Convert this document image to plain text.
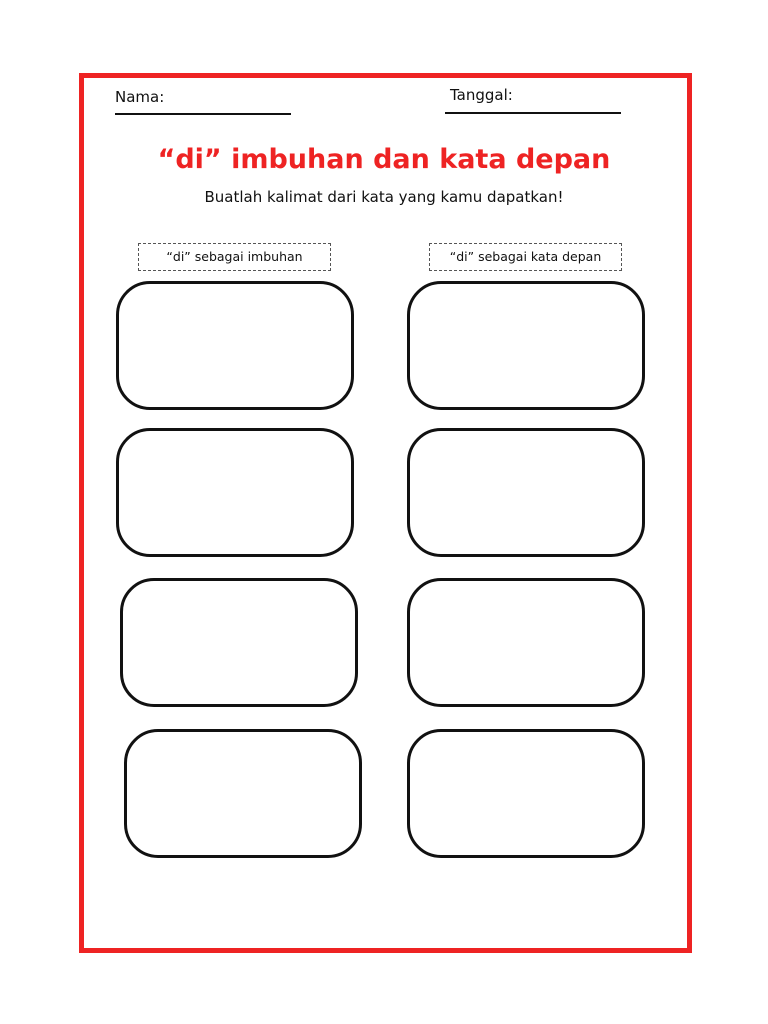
Nama:	Tanggal:
“di” imbuhan dan kata depan
Buatlah kalimat dari kata yang kamu dapatkan!
“di” sebagai imbuhan	“di” sebagai kata depan
